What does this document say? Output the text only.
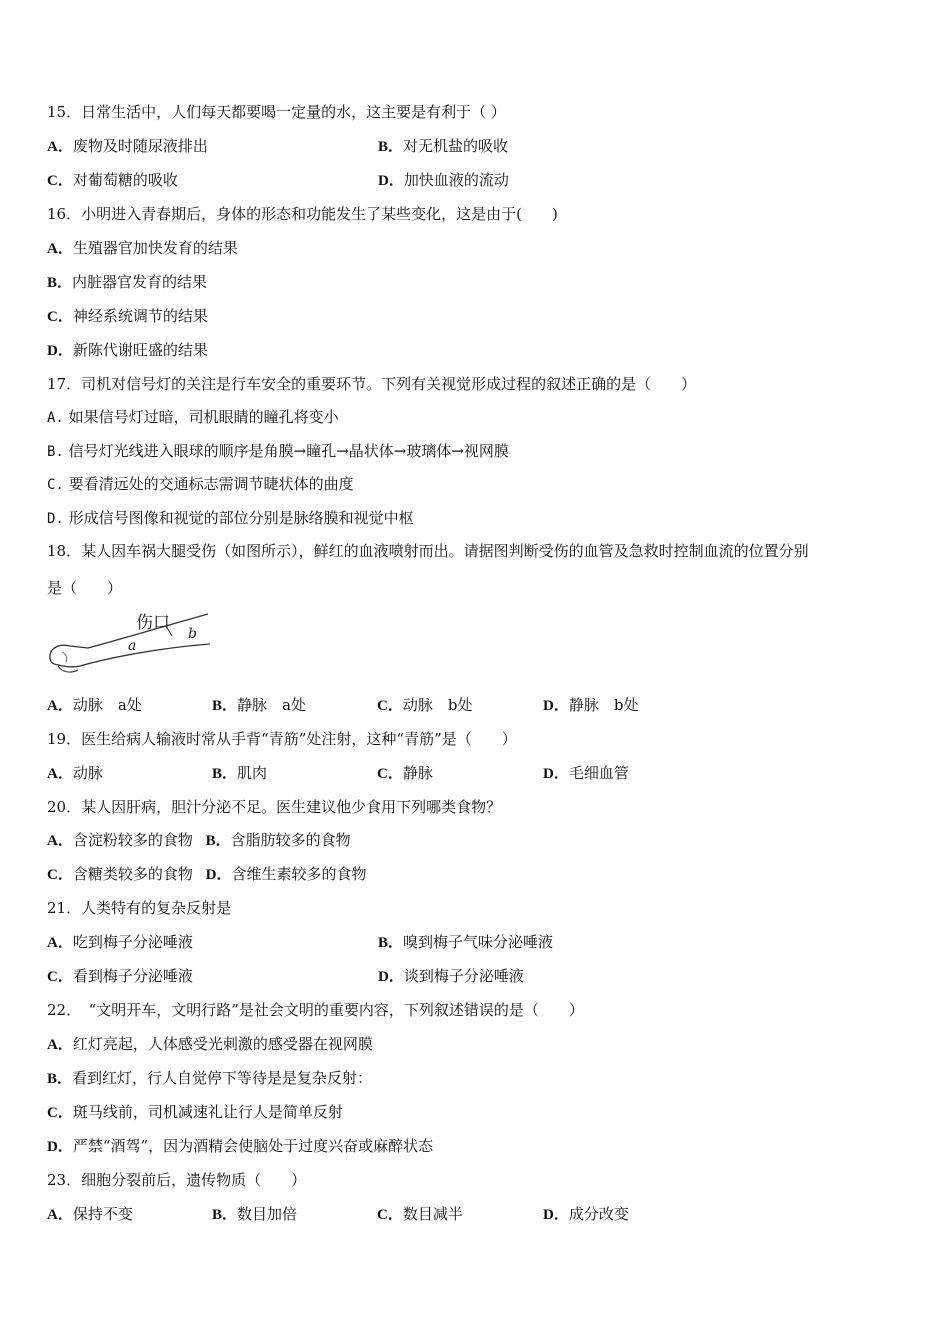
15．日常生活中，人们每天都要喝一定量的水，这主要是有利于（ ）
A．废物及时随尿液排出	B．对无机盐的吸收
C．对葡萄糖的吸收	D．加快血液的流动
16．小明进入青春期后，身体的形态和功能发生了某些变化，这是由于(　　)
A．生殖器官加快发育的结果
B．内脏器官发育的结果
C．神经系统调节的结果
D．新陈代谢旺盛的结果
17．司机对信号灯的关注是行车安全的重要环节。下列有关视觉形成过程的叙述正确的是（　　）
A. 如果信号灯过暗，司机眼睛的瞳孔将变小
B. 信号灯光线进入眼球的顺序是角膜→瞳孔→晶状体→玻璃体→视网膜
C. 要看清远处的交通标志需调节睫状体的曲度
D. 形成信号图像和视觉的部位分别是脉络膜和视觉中枢
18．某人因车祸大腿受伤（如图所示），鲜红的血液喷射而出。请据图判断受伤的血管及急救时控制血流的位置分别
是（　　）
伤口
a
b
A．动脉　a处	B．静脉　a处	C．动脉　b处	D．静脉　b处
19．医生给病人输液时常从手背“青筋”处注射，这种“青筋”是（　　）
A．动脉	B．肌肉	C．静脉	D．毛细血管
20．某人因肝病，胆汁分泌不足。医生建议他少食用下列哪类食物？
A．含淀粉较多的食物 B．含脂肪较多的食物
C．含糖类较多的食物 D．含维生素较多的食物
21．人类特有的复杂反射是
A．吃到梅子分泌唾液	B．嗅到梅子气味分泌唾液
C．看到梅子分泌唾液	D．谈到梅子分泌唾液
22．　“文明开车，文明行路”是社会文明的重要内容，下列叙述错误的是（　　）
A．红灯亮起，人体感受光刺激的感受器在视网膜
B．看到红灯，行人自觉停下等待是是复杂反射：
C．斑马线前，司机减速礼让行人是简单反射
D．严禁“酒驾”，因为酒精会使脑处于过度兴奋或麻醉状态
23．细胞分裂前后，遗传物质（　　）
A．保持不变	B．数目加倍	C．数目减半	D．成分改变
